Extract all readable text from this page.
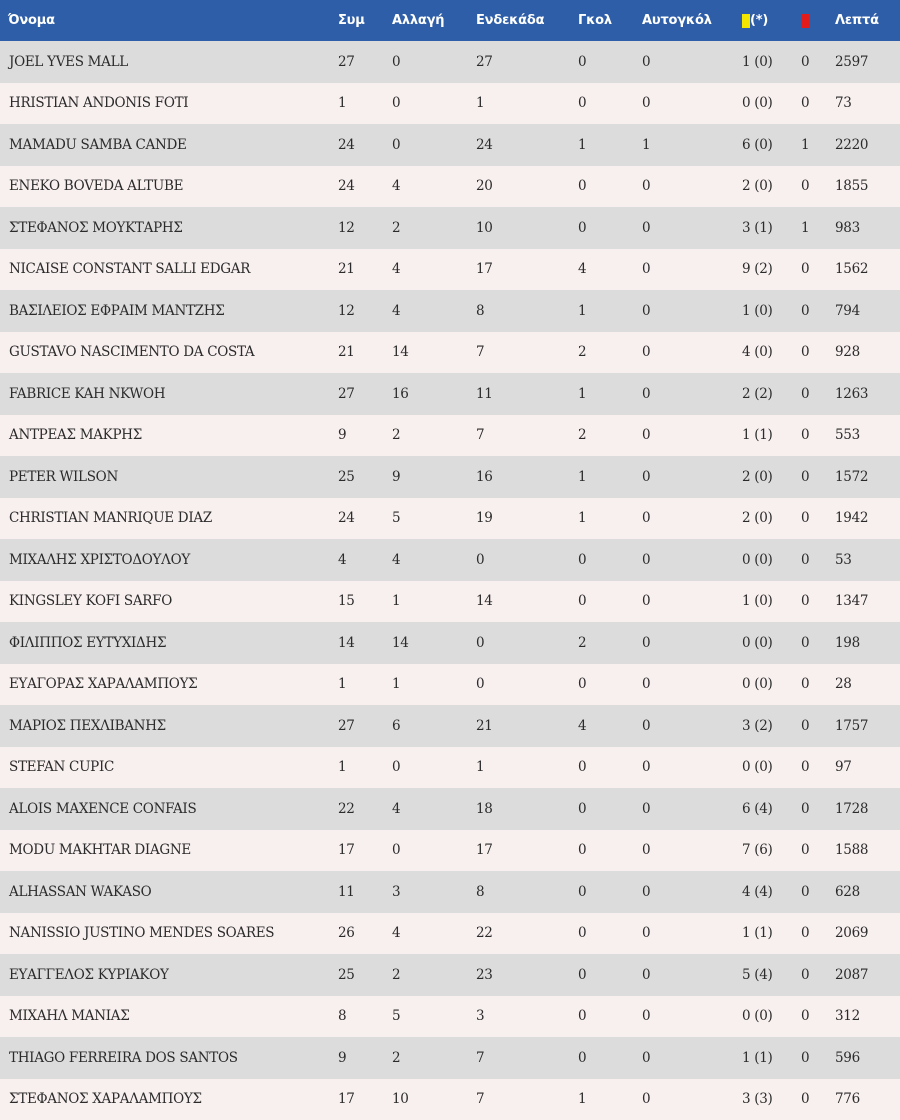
Όνομα	Συμ	Αλλαγή	Ενδεκάδα	Γκολ	Αυτογκόλ	(*)		Λεπτά
JOEL YVES MALL	27	0	27	0	0	1 (0)	0	2597
HRISTIAN ANDONIS FOTI	1	0	1	0	0	0 (0)	0	73
MAMADU SAMBA CANDE	24	0	24	1	1	6 (0)	1	2220
ENEKO BOVEDA ALTUBE	24	4	20	0	0	2 (0)	0	1855
ΣΤΕΦΑΝΟΣ ΜΟΥΚΤΑΡΗΣ	12	2	10	0	0	3 (1)	1	983
NICAISE CONSTANT SALLI EDGAR	21	4	17	4	0	9 (2)	0	1562
ΒΑΣΙΛΕΙΟΣ ΕΦΡΑΙΜ ΜΑΝΤΖΗΣ	12	4	8	1	0	1 (0)	0	794
GUSTAVO NASCIMENTO DA COSTA	21	14	7	2	0	4 (0)	0	928
FABRICE KAH NKWOH	27	16	11	1	0	2 (2)	0	1263
ΑΝΤΡΕΑΣ ΜΑΚΡΗΣ	9	2	7	2	0	1 (1)	0	553
PETER WILSON	25	9	16	1	0	2 (0)	0	1572
CHRISTIAN MANRIQUE DIAZ	24	5	19	1	0	2 (0)	0	1942
ΜΙΧΑΛΗΣ ΧΡΙΣΤΟΔΟΥΛΟΥ	4	4	0	0	0	0 (0)	0	53
KINGSLEY KOFI SARFO	15	1	14	0	0	1 (0)	0	1347
ΦΙΛΙΠΠΟΣ ΕΥΤΥΧΙΔΗΣ	14	14	0	2	0	0 (0)	0	198
ΕΥΑΓΟΡΑΣ ΧΑΡΑΛΑΜΠΟΥΣ	1	1	0	0	0	0 (0)	0	28
ΜΑΡΙΟΣ ΠΕΧΛΙΒΑΝΗΣ	27	6	21	4	0	3 (2)	0	1757
STEFAN CUPIC	1	0	1	0	0	0 (0)	0	97
ALOIS MAXENCE CONFAIS	22	4	18	0	0	6 (4)	0	1728
MODU MAKHTAR DIAGNE	17	0	17	0	0	7 (6)	0	1588
ALHASSAN WAKASO	11	3	8	0	0	4 (4)	0	628
NANISSIO JUSTINO MENDES SOARES	26	4	22	0	0	1 (1)	0	2069
ΕΥΑΓΓΕΛΟΣ ΚΥΡΙΑΚΟΥ	25	2	23	0	0	5 (4)	0	2087
ΜΙΧΑΗΛ ΜΑΝΙΑΣ	8	5	3	0	0	0 (0)	0	312
THIAGO FERREIRA DOS SANTOS	9	2	7	0	0	1 (1)	0	596
ΣΤΕΦΑΝΟΣ ΧΑΡΑΛΑΜΠΟΥΣ	17	10	7	1	0	3 (3)	0	776
